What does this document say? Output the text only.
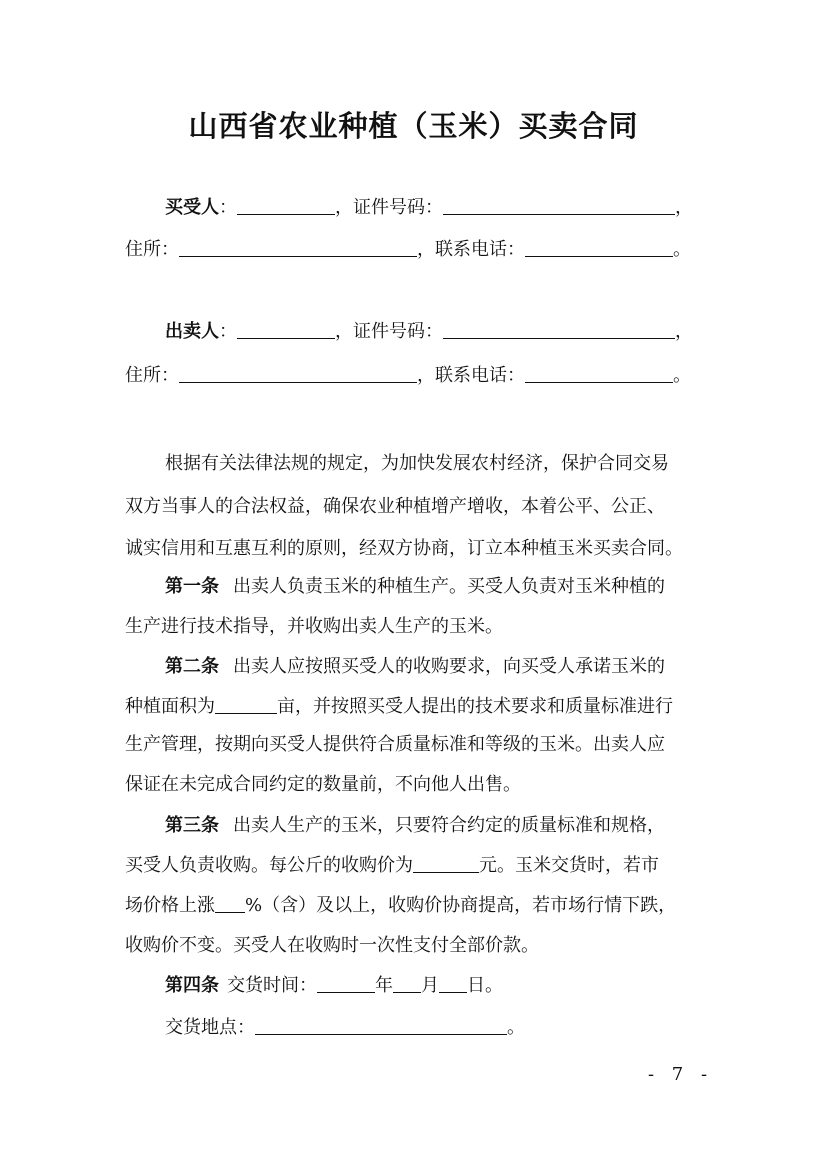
山西省农业种植（玉米）买卖合同
买受人：	，证件号码：	，
住所：	，联系电话：	。
出卖人：	，证件号码：	，
住所：	，联系电话：	。
根据有关法律法规的规定，为加快发展农村经济，保护合同交易
双方当事人的合法权益，确保农业种植增产增收，本着公平、公正、
诚实信用和互惠互利的原则，经双方协商，订立本种植玉米买卖合同。
第一条 出卖人负责玉米的种植生产。买受人负责对玉米种植的
生产进行技术指导，并收购出卖人生产的玉米。
第二条 出卖人应按照买受人的收购要求，向买受人承诺玉米的
种植面积为	亩，并按照买受人提出的技术要求和质量标准进行
生产管理，按期向买受人提供符合质量标准和等级的玉米。出卖人应
保证在未完成合同约定的数量前，不向他人出售。
第三条 出卖人生产的玉米，只要符合约定的质量标准和规格，
买受人负责收购。每公斤的收购价为	元。玉米交货时，若市
场价格上涨 %（含）及以上，收购价协商提高，若市场行情下跌，
收购价不变。买受人在收购时一次性支付全部价款。
第四条 交货时间：	年 月 日。
交货地点：	。
- 7 -
